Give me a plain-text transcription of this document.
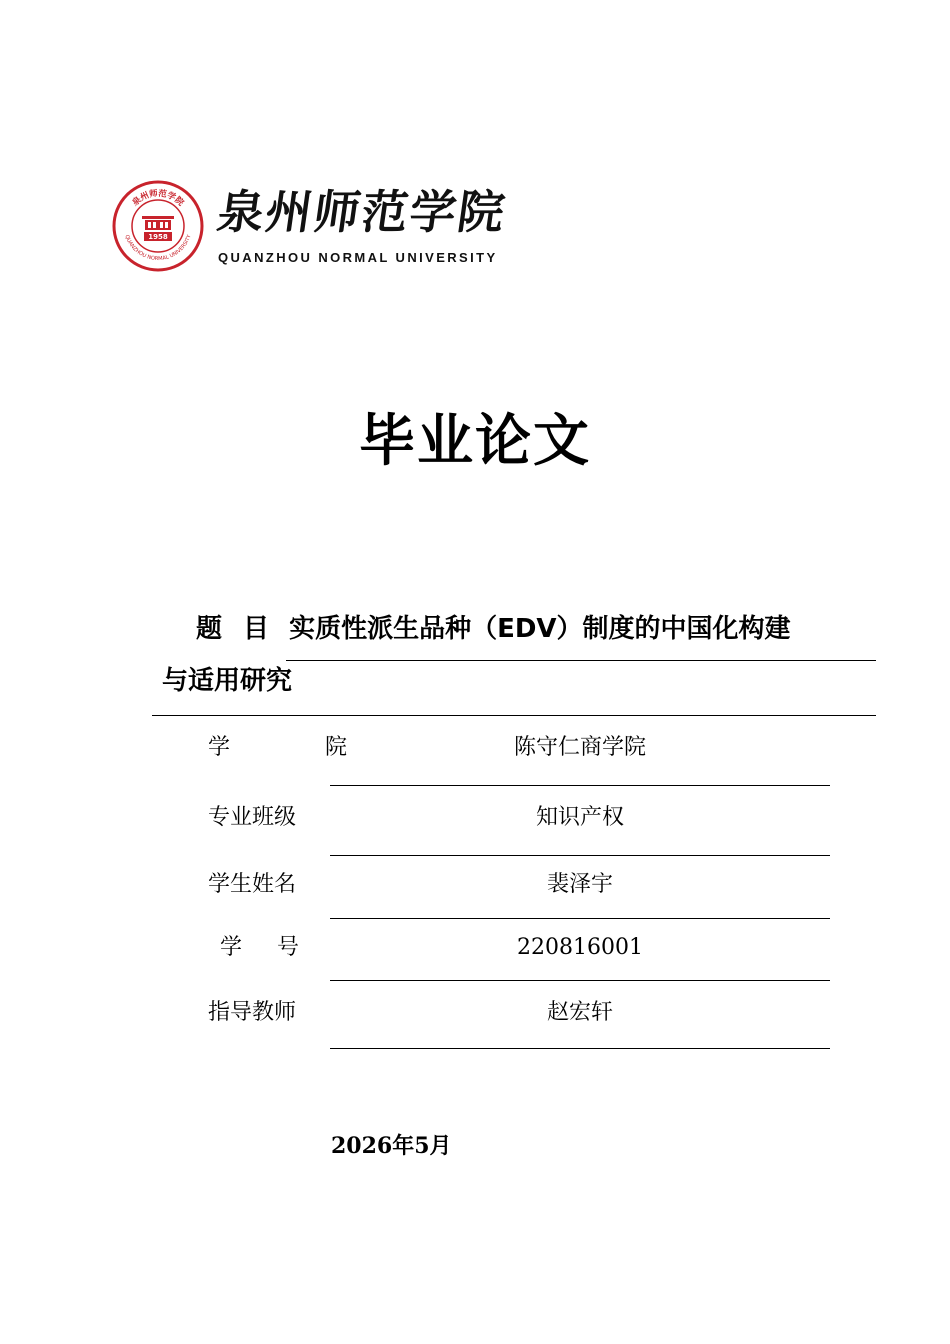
泉州师范学院
QUANZHOU NORMAL UNIVERSITY
1958 泉州师范学院
QUANZHOU NORMAL UNIVERSITY
毕业论文
题 目 实质性派生品种（EDV）制度的中国化构建
与适用研究
学 院	陈守仁商学院
专业班级	知识产权
学生姓名	裴泽宇
学 号	220816001
指导教师	赵宏轩
2026年5月
